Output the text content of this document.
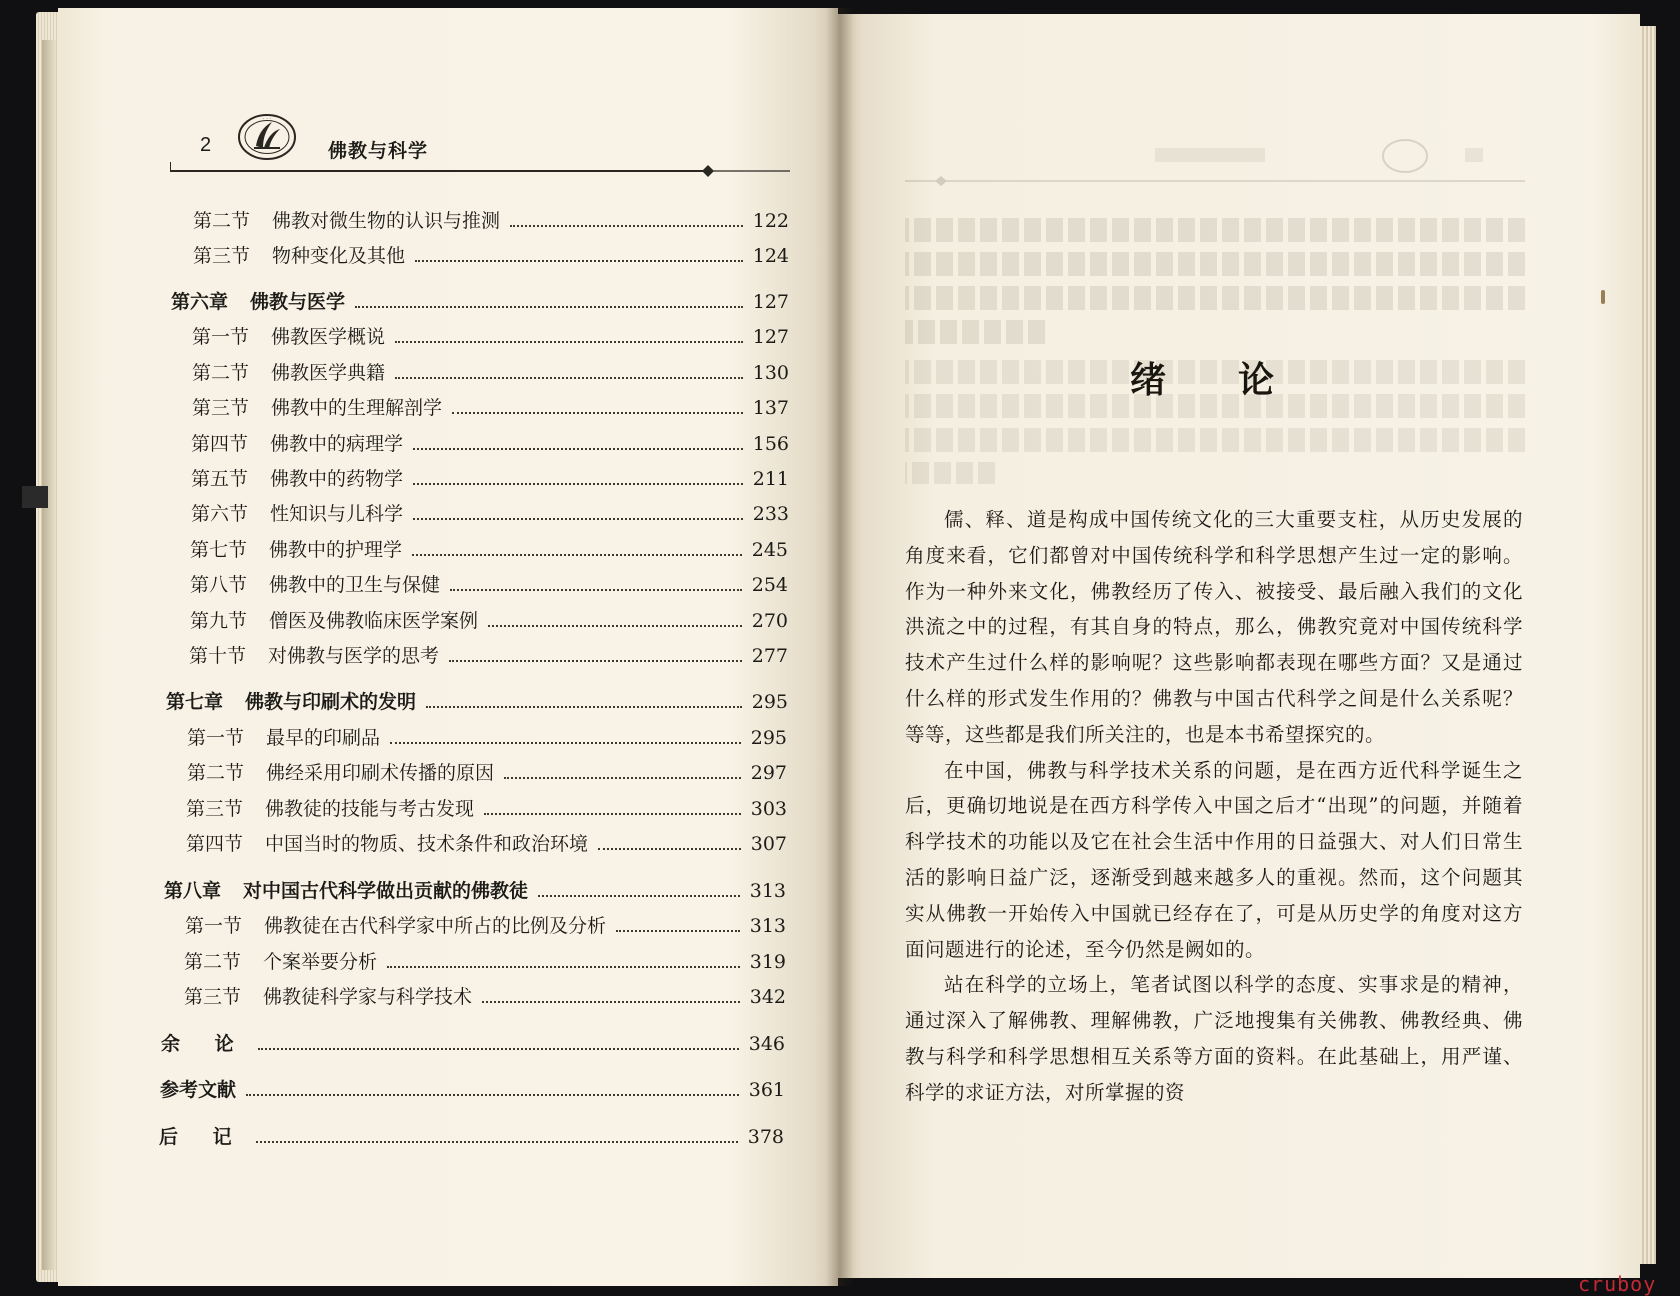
2
· · ·
佛教与科学
第二节 佛教对微生物的认识与推测	122
第三节 物种变化及其他	124
第六章 佛教与医学	127
第一节 佛教医学概说	127
第二节 佛教医学典籍	130
第三节 佛教中的生理解剖学	137
第四节 佛教中的病理学	156
第五节 佛教中的药物学	211
第六节 性知识与儿科学	233
第七节 佛教中的护理学	245
第八节 佛教中的卫生与保健	254
第九节 僧医及佛教临床医学案例	270
第十节 对佛教与医学的思考	277
第七章 佛教与印刷术的发明	295
第一节 最早的印刷品	295
第二节 佛经采用印刷术传播的原因	297
第三节 佛教徒的技能与考古发现	303
第四节 中国当时的物质、技术条件和政治环境	307
第八章 对中国古代科学做出贡献的佛教徒	313
第一节 佛教徒在古代科学家中所占的比例及分析	313
第二节 个案举要分析	319
第三节 佛教徒科学家与科学技术	342
余 论	346
参考文献	361
后 记	378
绪论

儒、释、道是构成中国传统文化的三大重要支柱，从历史发展的角度来看，它们都曾对中国传统科学和科学思想产生过一定的影响。作为一种外来文化，佛教经历了传入、被接受、最后融入我们的文化洪流之中的过程，有其自身的特点，那么，佛教究竟对中国传统科学技术产生过什么样的影响呢？这些影响都表现在哪些方面？又是通过什么样的形式发生作用的？佛教与中国古代科学之间是什么关系呢？等等，这些都是我们所关注的，也是本书希望探究的。

在中国，佛教与科学技术关系的问题，是在西方近代科学诞生之后，更确切地说是在西方科学传入中国之后才“出现”的问题，并随着科学技术的功能以及它在社会生活中作用的日益强大、对人们日常生活的影响日益广泛，逐渐受到越来越多人的重视。然而，这个问题其实从佛教一开始传入中国就已经存在了，可是从历史学的角度对这方面问题进行的论述，至今仍然是阙如的。

站在科学的立场上，笔者试图以科学的态度、实事求是的精神，通过深入了解佛教、理解佛教，广泛地搜集有关佛教、佛教经典、佛教与科学和科学思想相互关系等方面的资料。在此基础上，用严谨、科学的求证方法，对所掌握的资

cruboy
